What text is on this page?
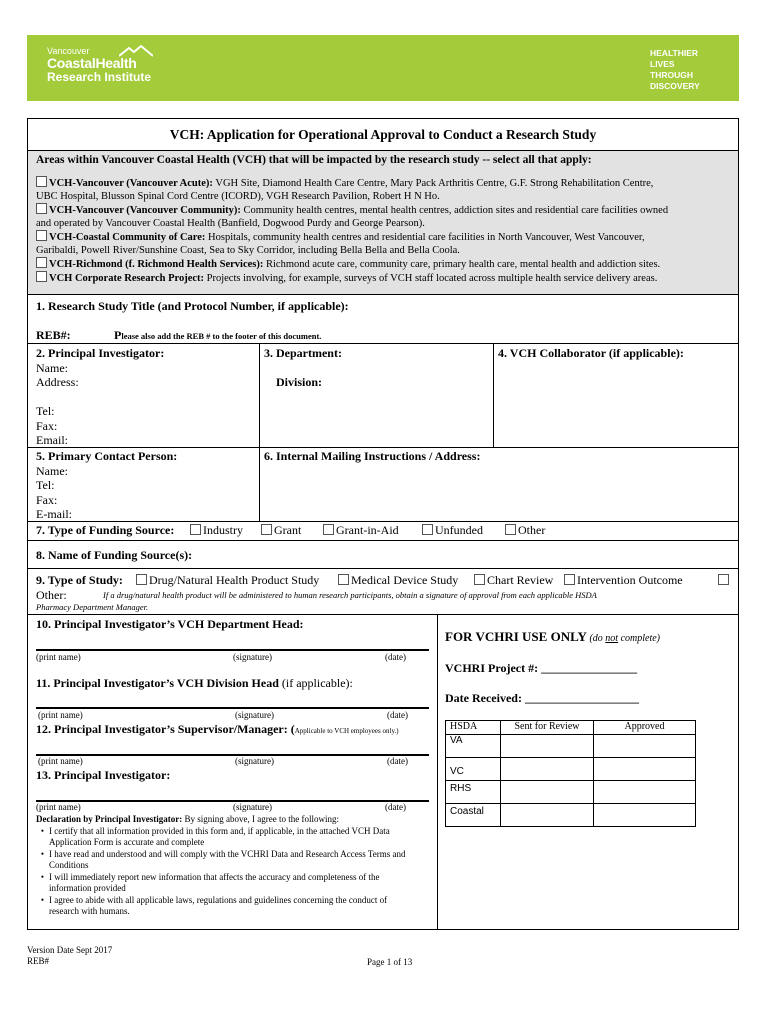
Vancouver
CoastalHealth
Research Institute
HEALTHIER
LIVES
THROUGH
DISCOVERY
VCH: Application for Operational Approval to Conduct a Research Study
Areas within Vancouver Coastal Health (VCH) that will be impacted by the research study -- select all that apply:
VCH-Vancouver (Vancouver Acute): VGH Site, Diamond Health Care Centre, Mary Pack Arthritis Centre, G.F. Strong Rehabilitation Centre,
UBC Hospital, Blusson Spinal Cord Centre (ICORD), VGH Research Pavilion, Robert H N Ho.
VCH-Vancouver (Vancouver Community): Community health centres, mental health centres, addiction sites and residential care facilities owned
and operated by Vancouver Coastal Health (Banfield, Dogwood Purdy and George Pearson).
VCH-Coastal Community of Care: Hospitals, community health centres and residential care facilities in North Vancouver, West Vancouver,
Garibaldi, Powell River/Sunshine Coast, Sea to Sky Corridor, including Bella Bella and Bella Coola.
VCH-Richmond (f. Richmond Health Services): Richmond acute care, community care, primary health care, mental health and addiction sites.
VCH Corporate Research Project: Projects involving, for example, surveys of VCH staff located across multiple health service delivery areas.
1. Research Study Title (and Protocol Number, if applicable):
REB#:	Please also add the REB # to the footer of this document.
2. Principal Investigator:
Name:
Address:

Tel:
Fax:
Email:
3. Department:
Division:
4. VCH Collaborator (if applicable):
5. Primary Contact Person:
Name:
Tel:
Fax:
E-mail:
6. Internal Mailing Instructions / Address:
7. Type of Funding Source:	Industry	Grant	Grant-in-Aid	Unfunded	Other
8. Name of Funding Source(s):
9. Type of Study:	Drug/Natural Health Product Study	Medical Device Study	Chart Review	Intervention Outcome
Other:	If a drug/natural health product will be administered to human research participants, obtain a signature of approval from each applicable HSDA
Pharmacy Department Manager.
10. Principal Investigator’s VCH Department Head:
(print name)	(signature)	(date)
11. Principal Investigator’s VCH Division Head (if applicable):
(print name)	(signature)	(date)
12. Principal Investigator’s Supervisor/Manager: (Applicable to VCH employees only.)
(print name)	(signature)	(date)
13. Principal Investigator:
(print name)	(signature)	(date)
Declaration by Principal Investigator: By signing above, I agree to the following:
• I certify that all information provided in this form and, if applicable, in the attached VCH Data Application Form is accurate and complete
• I have read and understood and will comply with the VCHRI Data and Research Access Terms and Conditions
• I will immediately report new information that affects the accuracy and completeness of the information provided
• I agree to abide with all applicable laws, regulations and guidelines concerning the conduct of research with humans.
FOR VCHRI USE ONLY (do not complete)
VCHRI Project #: ________________
Date Received: ___________________
HSDA	Sent for Review	Approved
VA		
VC		
RHS		
Coastal		
Version Date Sept 2017
REB#	Page 1 of 13
